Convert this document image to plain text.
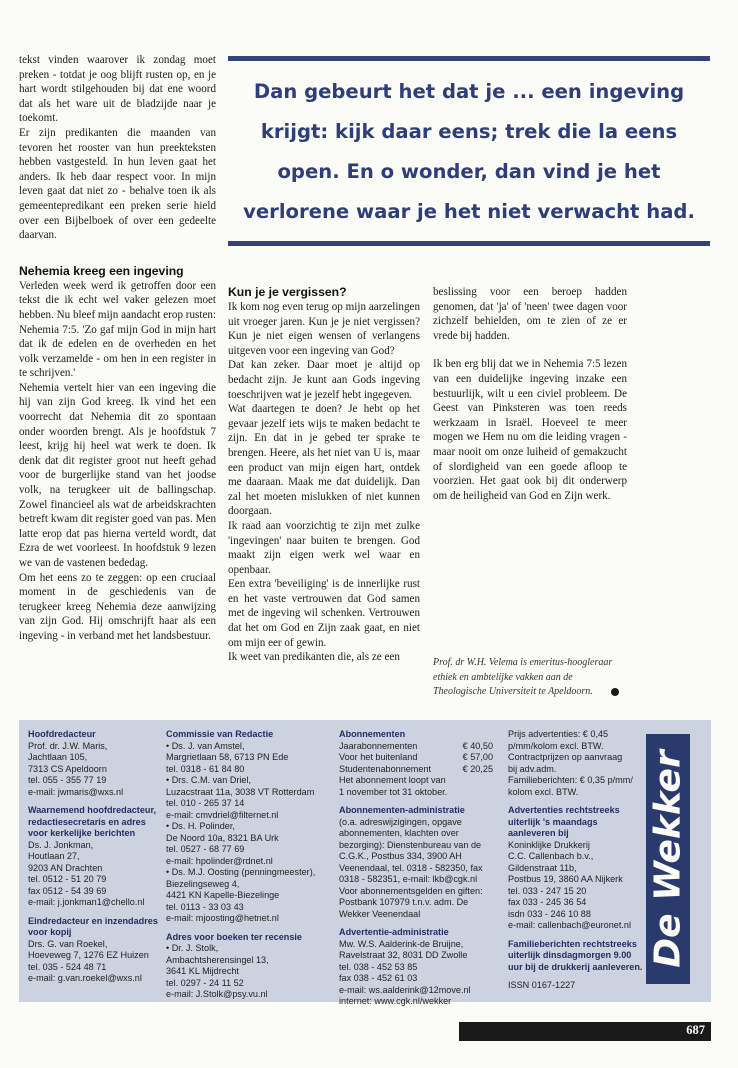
tekst vinden waarover ik zondag moet preken - totdat je oog blijft rusten op, en je hart wordt stilgehouden bij dat ene woord dat als het ware uit de bladzijde naar je toekomt.

Er zijn predikanten die maanden van tevoren het rooster van hun preekteksten hebben vastgesteld. In hun leven gaat het anders. Ik heb daar respect voor. In mijn leven gaat dat niet zo - behalve toen ik als gemeentepredikant een preken serie hield over een Bijbelboek of over een gedeelte daarvan.

Nehemia kreeg een ingeving

Verleden week werd ik getroffen door een tekst die ik echt wel vaker gelezen moet hebben. Nu bleef mijn aandacht erop rusten: Nehemia 7:5. 'Zo gaf mijn God in mijn hart dat ik de edelen en de overheden en het volk verzamelde - om hen in een register in te schrijven.'

Nehemia vertelt hier van een ingeving die hij van zijn God kreeg. Ik vind het een voorrecht dat Nehemia dit zo spontaan onder woorden brengt. Als je hoofdstuk 7 leest, krijg hij heel wat werk te doen. Ik denk dat dit register groot nut heeft gehad voor de burgerlijke stand van het joodse volk, na terugkeer uit de ballingschap. Zowel financieel als wat de arbeidskrachten betreft kwam dit register goed van pas. Men latte erop dat pas hierna verteld wordt, dat Ezra de wet voorleest. In hoofdstuk 9 lezen we van de vastenen bededag.

Om het eens zo te zeggen: op een cruciaal moment in de geschiedenis van de terugkeer kreeg Nehemia deze aanwijzing van zijn God. Hij omschrijft haar als een ingeving - in verband met het landsbestuur.

Dan gebeurt het dat je ... een ingeving krijgt: kijk daar eens; trek die la eens open. En o wonder, dan vind je het verlorene waar je het niet verwacht had.
Kun je je vergissen?

Ik kom nog even terug op mijn aarzelingen uit vroeger jaren. Kun je je niet vergissen? Kun je niet eigen wensen of verlangens uitgeven voor een ingeving van God?

Dat kan zeker. Daar moet je altijd op bedacht zijn. Je kunt aan Gods ingeving toeschrijven wat je jezelf hebt ingegeven.

Wat daartegen te doen? Je hebt op het gevaar jezelf iets wijs te maken bedacht te zijn. En dat in je gebed ter sprake te brengen. Heere, als het niet van U is, maar een product van mijn eigen hart, ontdek me daaraan. Maak me dat duidelijk. Dan zal het moeten mislukken of niet kunnen doorgaan.

Ik raad aan voorzichtig te zijn met zulke 'ingevingen' naar buiten te brengen. God maakt zijn eigen werk wel waar en openbaar.

Een extra 'beveiliging' is de innerlijke rust en het vaste vertrouwen dat God samen met de ingeving wil schenken. Vertrouwen dat het om God en Zijn zaak gaat, en niet om mijn eer of gewin.

Ik weet van predikanten die, als ze een

beslissing voor een beroep hadden genomen, dat 'ja' of 'neen' twee dagen voor zichzelf behielden, om te zien of ze er vrede bij hadden.

Ik ben erg blij dat we in Nehemia 7:5 lezen van een duidelijke ingeving inzake een bestuurlijk, wilt u een civiel probleem. De Geest van Pinksteren was toen reeds werkzaam in Israël. Hoeveel te meer mogen we Hem nu om die leiding vragen - maar nooit om onze luiheid of gemakzucht of slordigheid van een goede afloop te voorzien. Het gaat ook bij dit onderwerp om de heiligheid van God en Zijn werk.

Prof. dr W.H. Velema is emeritus-hoogleraar ethiek en ambtelijke vakken aan de Theologische Universiteit te Apeldoorn.
Hoofdredacteur
Prof. dr. J.W. Maris,
Jachtlaan 105,
7313 CS Apeldoorn
tel. 055 - 355 77 19
e-mail: jwmaris@wxs.nl
Waarnemend hoofdredacteur, redactiesecretaris en adres voor kerkelijke berichten
Ds. J. Jonkman,
Houtlaan 27,
9203 AN Drachten
tel. 0512 - 51 20 79
fax 0512 - 54 39 69
e-mail: j.jonkman1@chello.nl
Eindredacteur en inzendadres voor kopij
Drs. G. van Roekel,
Hoeveweg 7, 1276 EZ Huizen
tel. 035 - 524 48 71
e-mail: g.van.roekel@wxs.nl
Commissie van Redactie
• Ds. J. van Amstel,
Margrietlaan 58, 6713 PN Ede
tel. 0318 - 61 84 80
• Drs. C.M. van Driel,
Luzacstraat 11a, 3038 VT Rotterdam
tel. 010 - 265 37 14
e-mail: cmvdriel@filternet.nl
• Ds. H. Polinder,
De Noord 10a, 8321 BA Urk
tel. 0527 - 68 77 69
e-mail: hpolinder@rdnet.nl
• Ds. M.J. Oosting (penningmeester),
Biezelingseweg 4,
4421 KN Kapelle-Biezelinge
tel. 0113 - 33 03 43
e-mail: mjoosting@hetnet.nl
Adres voor boeken ter recensie
• Dr. J. Stolk,
Ambachtsherensingel 13,
3641 KL Mijdrecht
tel. 0297 - 24 11 52
e-mail: J.Stolk@psy.vu.nl
Abonnementen
Jaarabonnementen	€ 40,50
Voor het buitenland	€ 57,00
Studentenabonnement	€ 20,25
Het abonnement loopt van
1 november tot 31 oktober.
Abonnementen-administratie
(o.a. adreswijzigingen, opgave abonnementen, klachten over bezorging): Dienstenbureau van de C.G.K., Postbus 334, 3900 AH Veenendaal, tel. 0318 - 582350, fax 0318 - 582351, e-mail: lkb@cgk.nl
Voor abonnementsgelden en giften: Postbank 107979 t.n.v. adm. De Wekker Veenendaal
Advertentie-administratie
Mw. W.S. Aalderink-de Bruijne,
Ravelstraat 32, 8031 DD Zwolle
tel. 038 - 452 53 85
fax 038 - 452 61 03
e-mail: ws.aalderink@12move.nl
internet: www.cgk.nl/wekker
Prijs advertenties: € 0,45
p/mm/kolom excl. BTW.
Contractprijzen op aanvraag
bij adv.adm.
Familieberichten: € 0,35 p/mm/
kolom excl. BTW.
Advertenties rechtstreeks uiterlijk 's maandags aanleveren bij
Koninklijke Drukkerij
C.C. Callenbach b.v.,
Gildenstraat 11b,
Postbus 19, 3860 AA Nijkerk
tel. 033 - 247 15 20
fax 033 - 245 36 54
isdn 033 - 246 10 88
e-mail: callenbach@euronet.nl
Familieberichten rechtstreeks uiterlijk dinsdagmorgen 9.00 uur bij de drukkerij aanleveren.
ISSN 0167-1227
De Wekker
687
